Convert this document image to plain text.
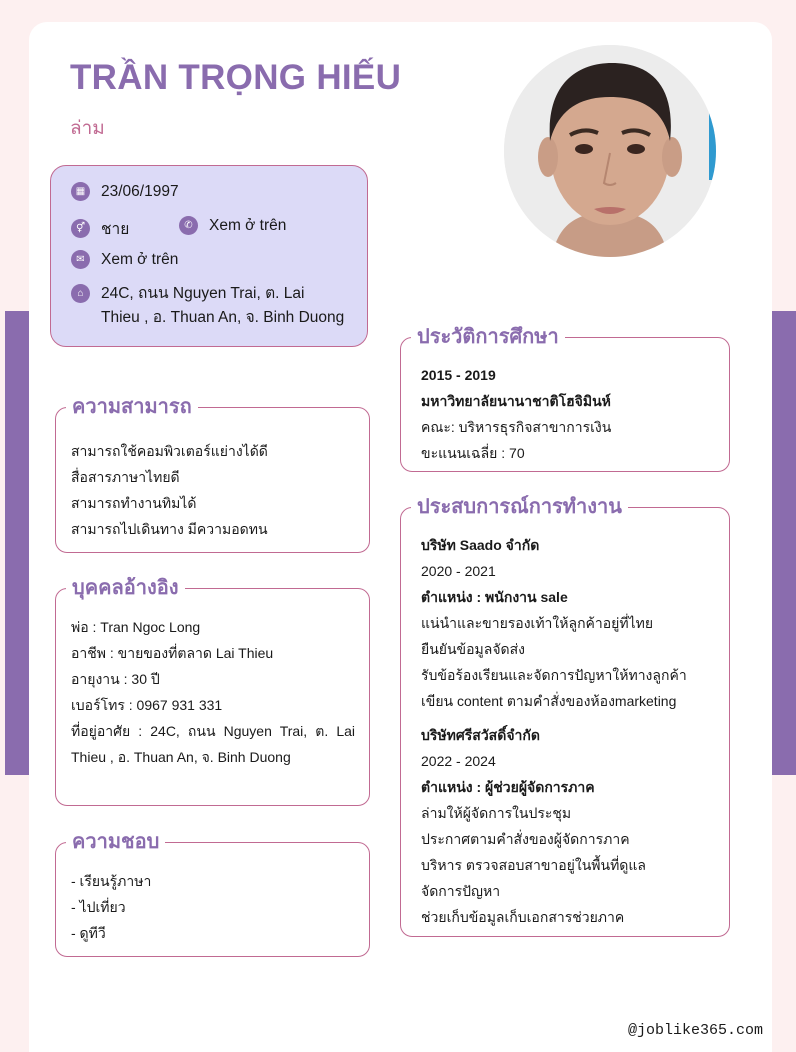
TRẦN TRỌNG HIẾU
ล่าม
▦	23/06/1997
⚥	ชาย	✆	Xem ở trên
✉	Xem ở trên
⌂	24C, ถนน Nguyen Trai, ต. Lai
Thieu , อ. Thuan An, จ. Binh Duong
ความสามารถ
สามารถใช้คอมพิวเตอร์แย่างได้ดี
สื่อสารภาษาไทยดี
สามารถทำงานทิมได้
สามารถไปเดินทาง มีความอดทน
บุคคลอ้างอิง
พ่อ : Tran Ngoc Long
อาชีพ : ขายของที่ตลาด Lai Thieu
อายุงาน : 30 ปี
เบอร์โทร : 0967 931 331
ที่อยู่อาศัย : 24C, ถนน Nguyen Trai, ต. Lai Thieu , อ. Thuan An, จ. Binh Duong
ความชอบ
- เรียนรู้ภาษา
- ไปเที่ยว
- ดูทีวี
ประวัติการศึกษา
2015 - 2019
มหาวิทยาลัยนานาชาติโฮจิมินห์
คณะ: บริหารธุรกิจสาขาการเงิน
ขะแนนเฉลี่ย : 70
ประสบการณ์การทำงาน
บริษัท Saado จำกัด
2020 - 2021
ตำแหน่ง : พนักงาน sale
แน่นำและขายรองเท้าให้ลูกค้าอยู่ที่ไทย
ยืนยันข้อมูลจัดส่ง
รับข้อร้องเรียนและจัดการปัญหาให้ทางลูกค้า
เขียน content ตามคำสั่งของห้องmarketing
บริษัทศรีสวัสดิ์จำกัด
2022 - 2024
ตำแหน่ง : ผู้ช่วยผู้จัดการภาค
ล่ามให้ผู้จัดการในประชุม
ประกาศตามคำสั่งของผู้จัดการภาค
บริหาร ตรวจสอบสาขาอยู่ในพื้นที่ดูแล
จัดการปัญหา
ช่วยเก็บข้อมูลเก็บเอกสารช่วยภาค
@joblike365.com
